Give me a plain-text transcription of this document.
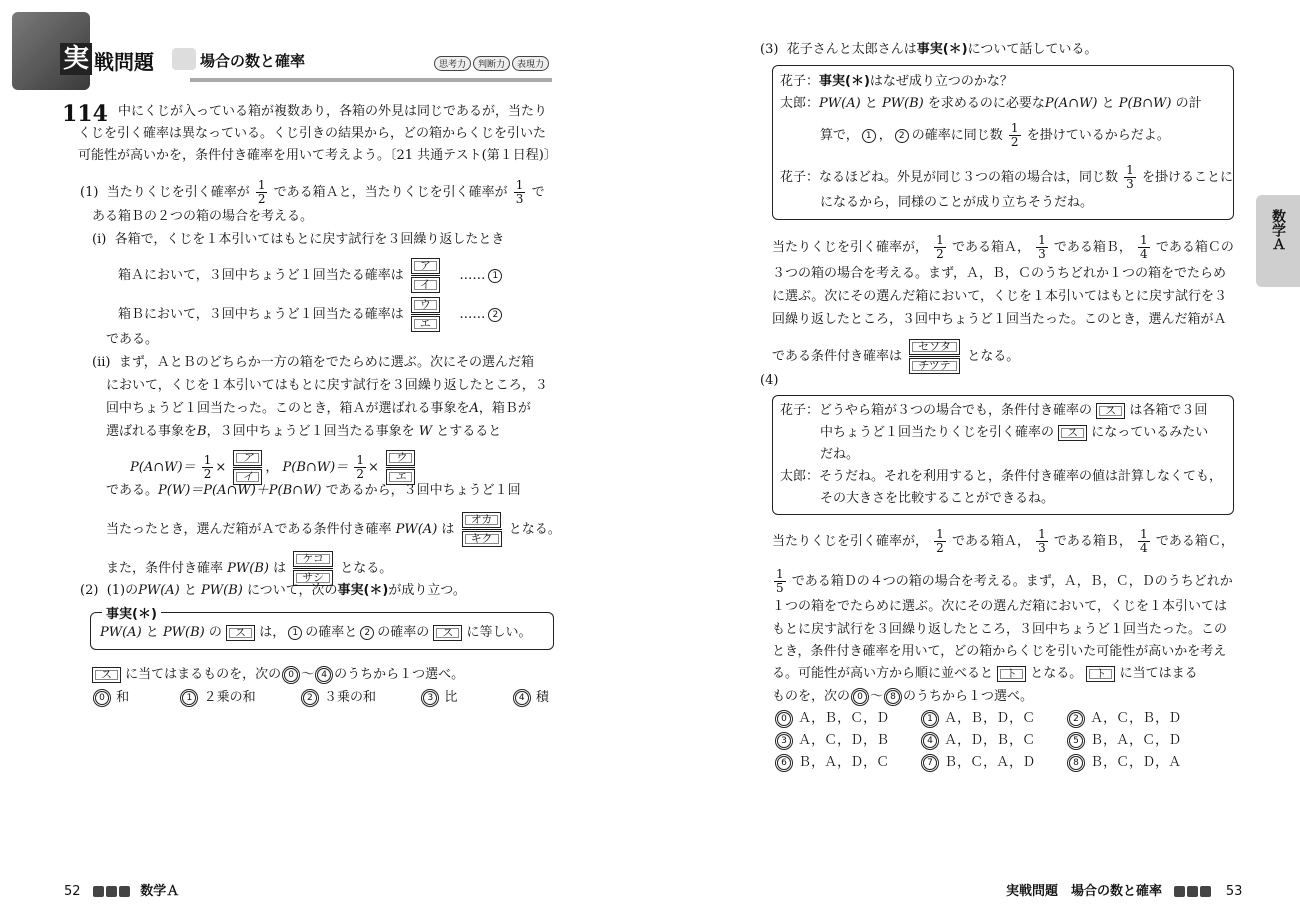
実 戦問題	場合の数と確率	思考力 判断力 表現力
114 中にくじが入っている箱が複数あり，各箱の外見は同じであるが，当たり
くじを引く確率は異なっている。くじ引きの結果から，どの箱からくじを引いた
可能性が高いかを，条件付き確率を用いて考えよう。〔21 共通テスト(第１日程)〕
(1) 当たりくじを引く確率が $\frac{1}{2}$ である箱Ａと，当たりくじを引く確率が $\frac{1}{3}$ で
ある箱Ｂの２つの箱の場合を考える。
(i) 各箱で，くじを１本引いてはもとに戻す試行を３回繰り返したとき
箱Ａにおいて，３回中ちょうど１回当たる確率は
ア
イ
…… 1
箱Ｂにおいて，３回中ちょうど１回当たる確率は
ウ
エ
…… 2
である。
(ii) まず，ＡとＢのどちらか一方の箱をでたらめに選ぶ。次にその選んだ箱
において，くじを１本引いてはもとに戻す試行を３回繰り返したところ，３
回中ちょうど１回当たった。このとき，箱Ａが選ばれる事象をA，箱Ｂが
選ばれる事象をB，３回中ちょうど１回当たる事象を W とするると
P(A∩W)＝ $\frac{1}{2}$ ×
ア
イ
， P(B∩W)＝ $\frac{1}{2}$ ×
ウ
エ
である。P(W)＝P(A∩W)＋P(B∩W) であるから，３回中ちょうど１回
当たったとき，選んだ箱がＡである条件付き確率 PW(A) は
オカ
キク
となる。
また，条件付き確率 PW(B) は
ケコ
サシ
となる。
(2) (1)のPW(A) と PW(B) について，次の事実(＊)が成り立つ。
事実(＊)
PW(A) と PW(B) の ス は， 1 の確率と 2 の確率の ス に等しい。
ス に当てはまるものを，次の 0 ～ 4 のうちから１つ選べ。
0 和	1 ２乗の和	2 ３乗の和	3 比	4 積
52	数学Ａ
(3) 花子さんと太郎さんは事実(＊)について話している。
花子：事実(＊)はなぜ成り立つのかな？
太郎：PW(A) と PW(B) を求めるのに必要なP(A∩W) と P(B∩W) の計
算で， 1 ， 2 の確率に同じ数 $\frac{1}{2}$ を掛けているからだよ。
花子：なるほどね。外見が同じ３つの箱の場合は，同じ数 $\frac{1}{3}$ を掛けることに
になるから，同様のことが成り立ちそうだね。
当たりくじを引く確率が， $\frac{1}{2}$ である箱Ａ， $\frac{1}{3}$ である箱Ｂ， $\frac{1}{4}$ である箱Ｃの
３つの箱の場合を考える。まず，Ａ，Ｂ，Ｃのうちどれか１つの箱をでたらめ
に選ぶ。次にその選んだ箱において，くじを１本引いてはもとに戻す試行を３
回繰り返したところ，３回中ちょうど１回当たった。このとき，選んだ箱がＡ
である条件付き確率は
セソタ
チツテ
となる。
(4)
花子：どうやら箱が３つの場合でも，条件付き確率の ス は各箱で３回
中ちょうど１回当たりくじを引く確率の ス になっているみたい
だね。
太郎：そうだね。それを利用すると，条件付き確率の値は計算しなくても，
その大きさを比較することができるね。
当たりくじを引く確率が， $\frac{1}{2}$ である箱Ａ， $\frac{1}{3}$ である箱Ｂ， $\frac{1}{4}$ である箱Ｃ，
$\frac{1}{5}$ である箱Ｄの４つの箱の場合を考える。まず，Ａ，Ｂ，Ｃ，Ｄのうちどれか
１つの箱をでたらめに選ぶ。次にその選んだ箱において，くじを１本引いては
もとに戻す試行を３回繰り返したところ，３回中ちょうど１回当たった。この
とき，条件付き確率を用いて，どの箱からくじを引いた可能性が高いかを考え
る。可能性が高い方から順に並べると ト となる。 ト に当てはまる
ものを，次の 0 ～ 8 のうちから１つ選べ。
0 Ａ，Ｂ，Ｃ，Ｄ	1 Ａ，Ｂ，Ｄ，Ｃ	2 Ａ，Ｃ，Ｂ，Ｄ
3 Ａ，Ｃ，Ｄ，Ｂ	4 Ａ，Ｄ，Ｂ，Ｃ	5 Ｂ，Ａ，Ｃ，Ｄ
6 Ｂ，Ａ，Ｄ，Ｃ	7 Ｂ，Ｃ，Ａ，Ｄ	8 Ｂ，Ｃ，Ｄ，Ａ
数学Ａ
実戦問題　場合の数と確率	53
